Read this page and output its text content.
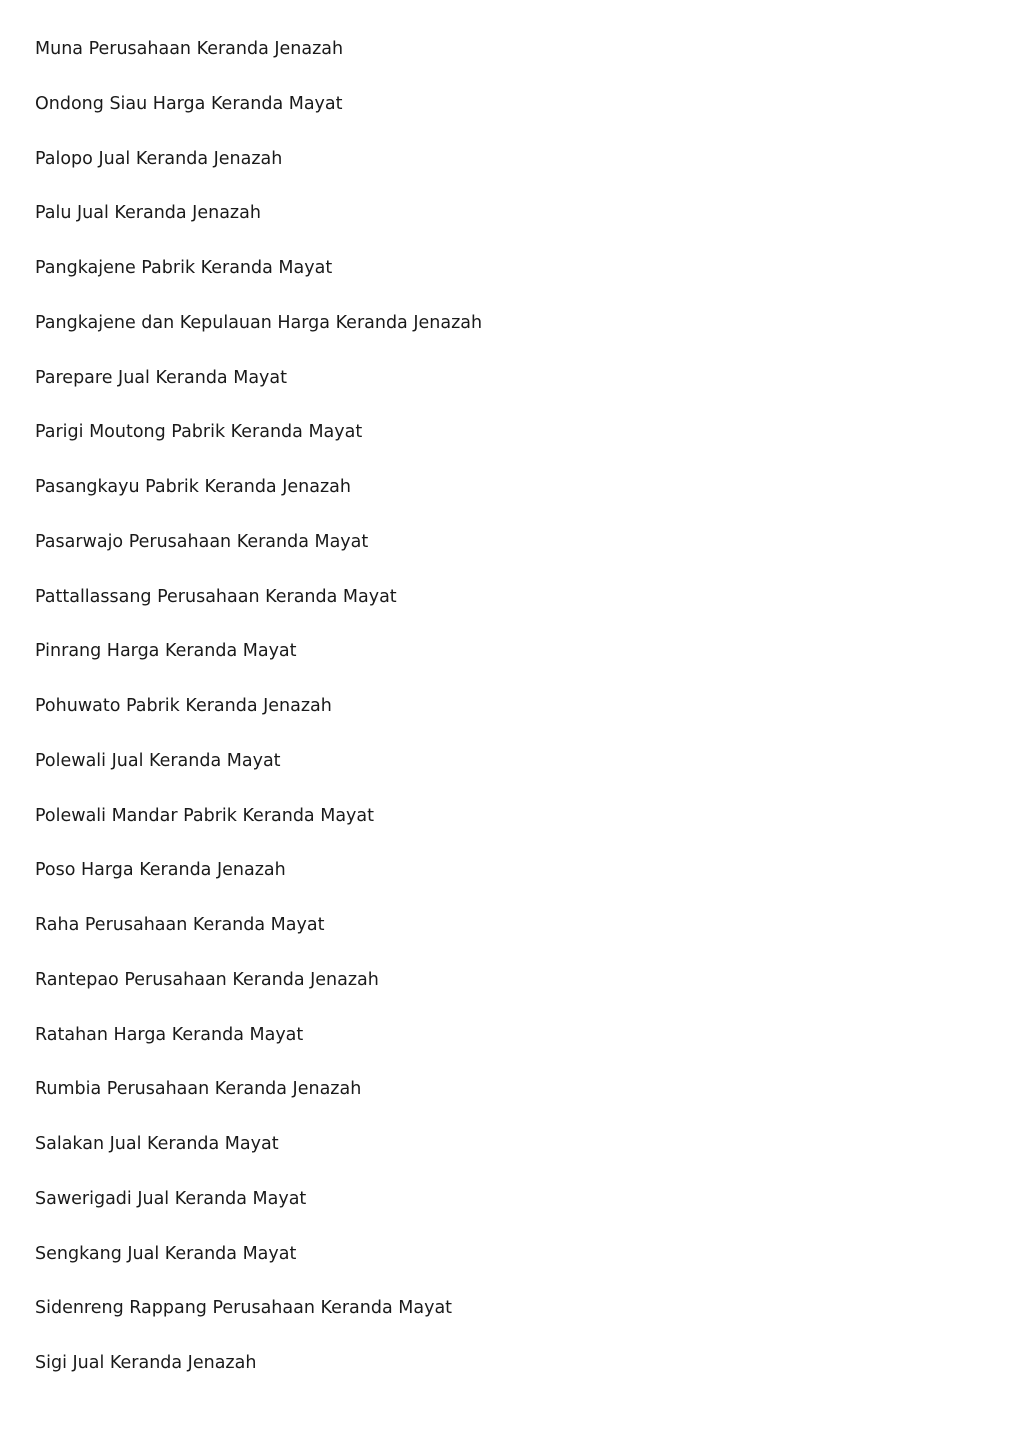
Muna Perusahaan Keranda Jenazah
Ondong Siau Harga Keranda Mayat
Palopo Jual Keranda Jenazah
Palu Jual Keranda Jenazah
Pangkajene Pabrik Keranda Mayat
Pangkajene dan Kepulauan Harga Keranda Jenazah
Parepare Jual Keranda Mayat
Parigi Moutong Pabrik Keranda Mayat
Pasangkayu Pabrik Keranda Jenazah
Pasarwajo Perusahaan Keranda Mayat
Pattallassang Perusahaan Keranda Mayat
Pinrang Harga Keranda Mayat
Pohuwato Pabrik Keranda Jenazah
Polewali Jual Keranda Mayat
Polewali Mandar Pabrik Keranda Mayat
Poso Harga Keranda Jenazah
Raha Perusahaan Keranda Mayat
Rantepao Perusahaan Keranda Jenazah
Ratahan Harga Keranda Mayat
Rumbia Perusahaan Keranda Jenazah
Salakan Jual Keranda Mayat
Sawerigadi Jual Keranda Mayat
Sengkang Jual Keranda Mayat
Sidenreng Rappang Perusahaan Keranda Mayat
Sigi Jual Keranda Jenazah
